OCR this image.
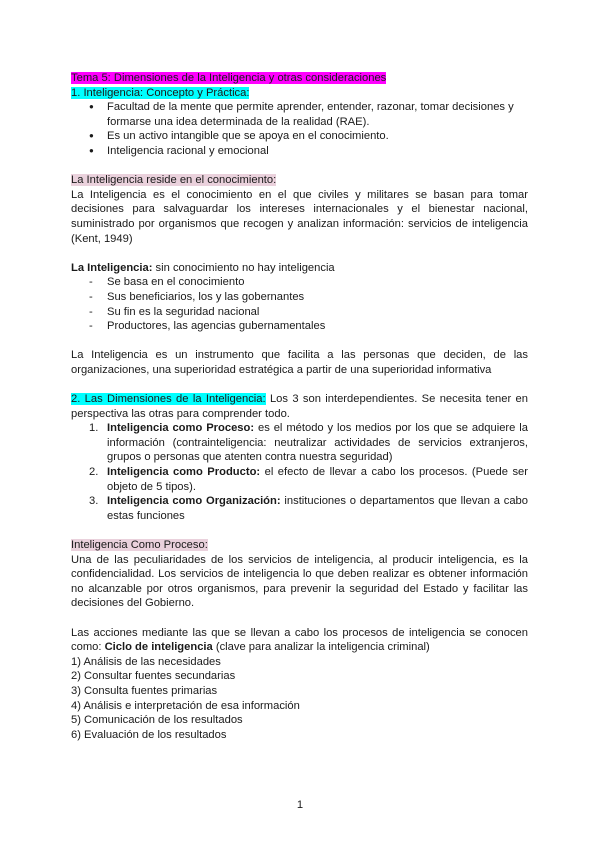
Tema 5: Dimensiones de la Inteligencia y otras consideraciones

1. Inteligencia: Concepto y Práctica:

● Facultad de la mente que permite aprender, entender, razonar, tomar decisiones y formarse una idea determinada de la realidad (RAE).
● Es un activo intangible que se apoya en el conocimiento.
● Inteligencia racional y emocional

La Inteligencia reside en el conocimiento:

La Inteligencia es el conocimiento en el que civiles y militares se basan para tomar decisiones para salvaguardar los intereses internacionales y el bienestar nacional, suministrado por organismos que recogen y analizan información: servicios de inteligencia (Kent, 1949)

La Inteligencia: sin conocimiento no hay inteligencia

- Se basa en el conocimiento
- Sus beneficiarios, los y las gobernantes
- Su fin es la seguridad nacional
- Productores, las agencias gubernamentales

La Inteligencia es un instrumento que facilita a las personas que deciden, de las organizaciones, una superioridad estratégica a partir de una superioridad informativa

2. Las Dimensiones de la Inteligencia: Los 3 son interdependientes. Se necesita tener en perspectiva las otras para comprender todo.

1. Inteligencia como Proceso: es el método y los medios por los que se adquiere la información (contrainteligencia: neutralizar actividades de servicios extranjeros, grupos o personas que atenten contra nuestra seguridad)
2. Inteligencia como Producto: el efecto de llevar a cabo los procesos. (Puede ser objeto de 5 tipos).
3. Inteligencia como Organización: instituciones o departamentos que llevan a cabo estas funciones

Inteligencia Como Proceso:

Una de las peculiaridades de los servicios de inteligencia, al producir inteligencia, es la confidencialidad. Los servicios de inteligencia lo que deben realizar es obtener información no alcanzable por otros organismos, para prevenir la seguridad del Estado y facilitar las decisiones del Gobierno.

Las acciones mediante las que se llevan a cabo los procesos de inteligencia se conocen como: Ciclo de inteligencia (clave para analizar la inteligencia criminal)

1) Análisis de las necesidades

2) Consultar fuentes secundarias

3) Consulta fuentes primarias

4) Análisis e interpretación de esa información

5) Comunicación de los resultados

6) Evaluación de los resultados

1
